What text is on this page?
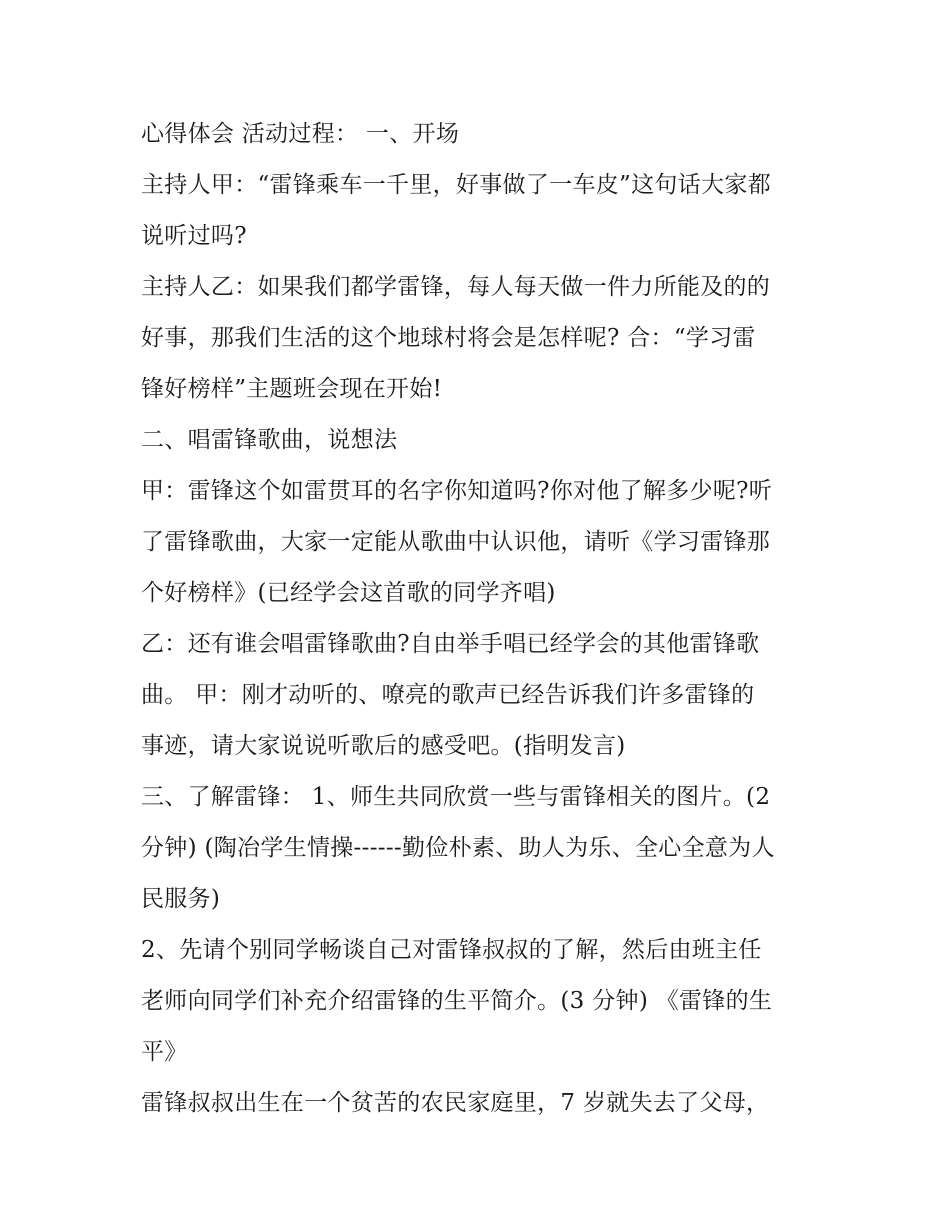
心得体会 活动过程： 一、开场
主持人甲：“雷锋乘车一千里，好事做了一车皮”这句话大家都
说听过吗?
主持人乙：如果我们都学雷锋，每人每天做一件力所能及的的
好事，那我们生活的这个地球村将会是怎样呢? 合：“学习雷
锋好榜样”主题班会现在开始!
二、唱雷锋歌曲，说想法
甲：雷锋这个如雷贯耳的名字你知道吗?你对他了解多少呢?听
了雷锋歌曲，大家一定能从歌曲中认识他，请听《学习雷锋那
个好榜样》(已经学会这首歌的同学齐唱)
乙：还有谁会唱雷锋歌曲?自由举手唱已经学会的其他雷锋歌
曲。 甲：刚才动听的、嘹亮的歌声已经告诉我们许多雷锋的
事迹，请大家说说听歌后的感受吧。(指明发言)
三、了解雷锋： 1、师生共同欣赏一些与雷锋相关的图片。(2
分钟) (陶冶学生情操------勤俭朴素、助人为乐、全心全意为人
民服务)
2、先请个别同学畅谈自己对雷锋叔叔的了解，然后由班主任
老师向同学们补充介绍雷锋的生平简介。(3 分钟) 《雷锋的生
平》
雷锋叔叔出生在一个贫苦的农民家庭里，7 岁就失去了父母，
